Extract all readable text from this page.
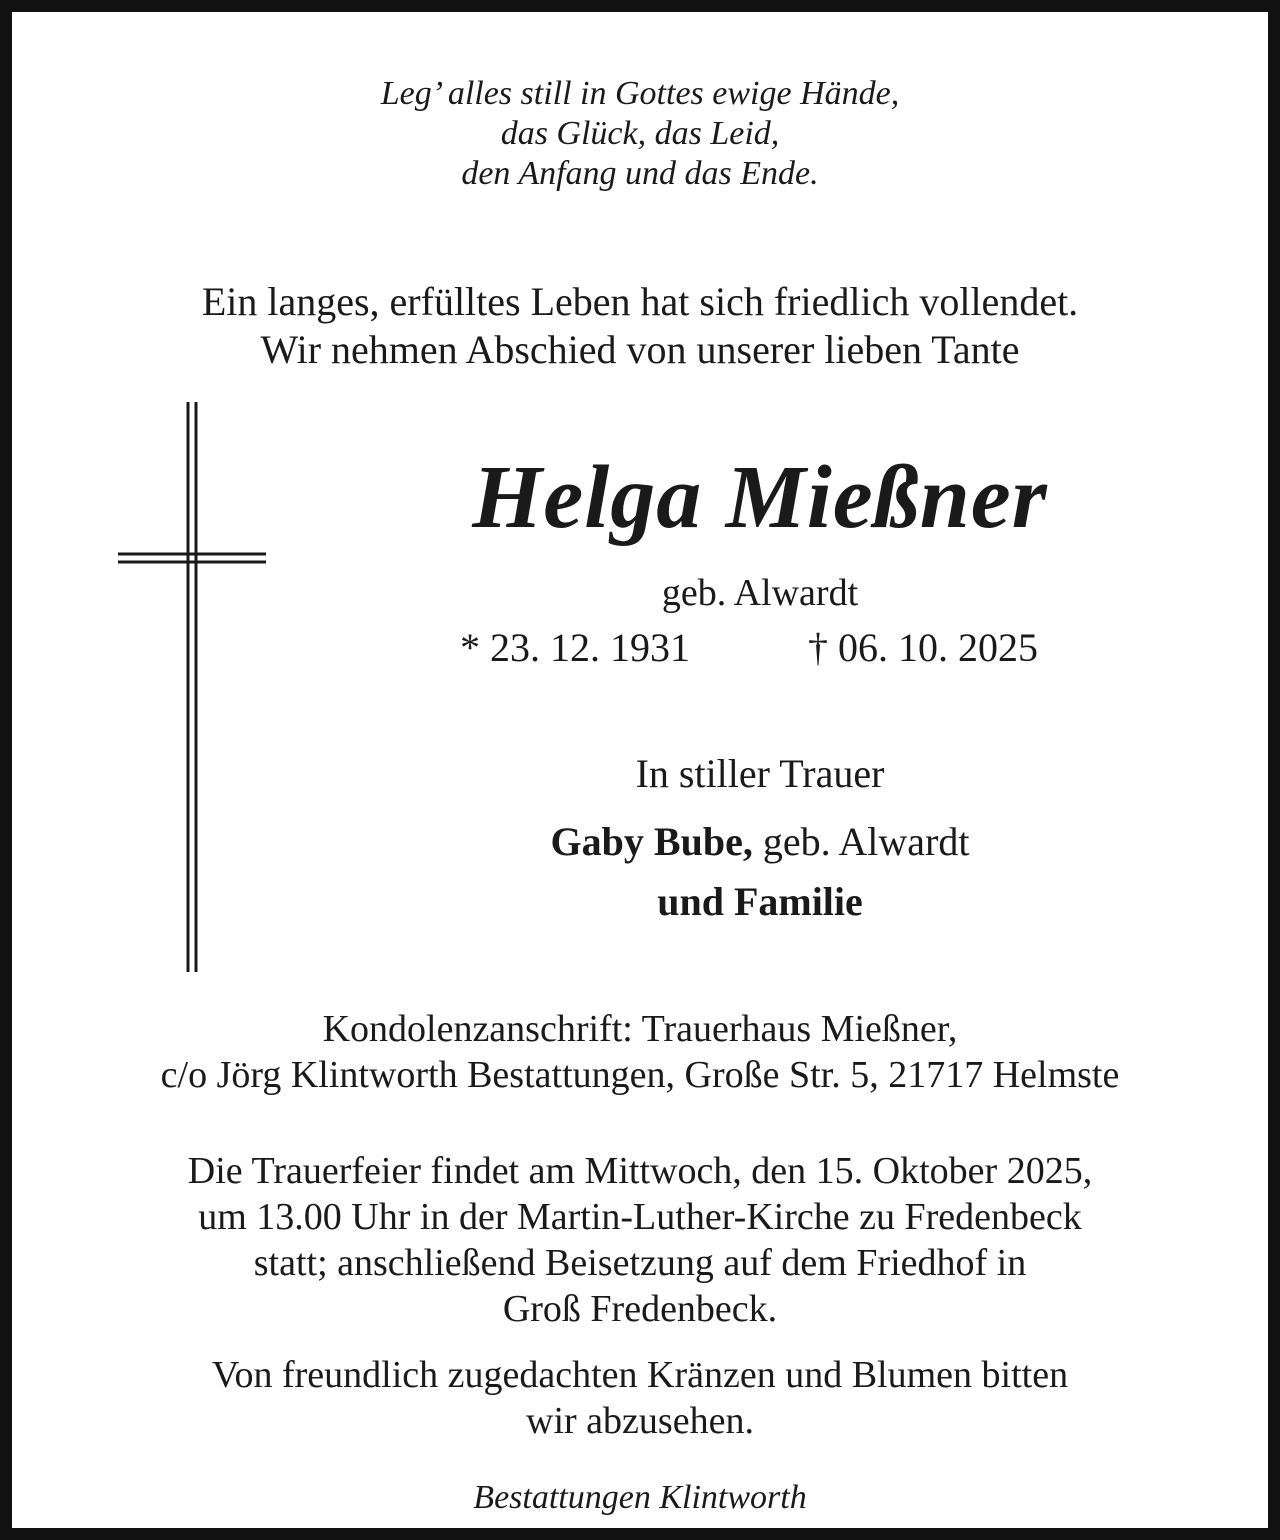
Leg’ alles still in Gottes ewige Hände,
das Glück, das Leid,
den Anfang und das Ende.
Ein langes, erfülltes Leben hat sich friedlich vollendet.
Wir nehmen Abschied von unserer lieben Tante
Helga Mießner
geb. Alwardt
* 23. 12. 1931	† 06. 10. 2025
In stiller Trauer
Gaby Bube, geb. Alwardt
und Familie
Kondolenzanschrift: Trauerhaus Mießner,
c/o Jörg Klintworth Bestattungen, Große Str. 5, 21717 Helmste
Die Trauerfeier findet am Mittwoch, den 15. Oktober 2025,
um 13.00 Uhr in der Martin-Luther-Kirche zu Fredenbeck
statt; anschließend Beisetzung auf dem Friedhof in
Groß Fredenbeck.
Von freundlich zugedachten Kränzen und Blumen bitten
wir abzusehen.
Bestattungen Klintworth
